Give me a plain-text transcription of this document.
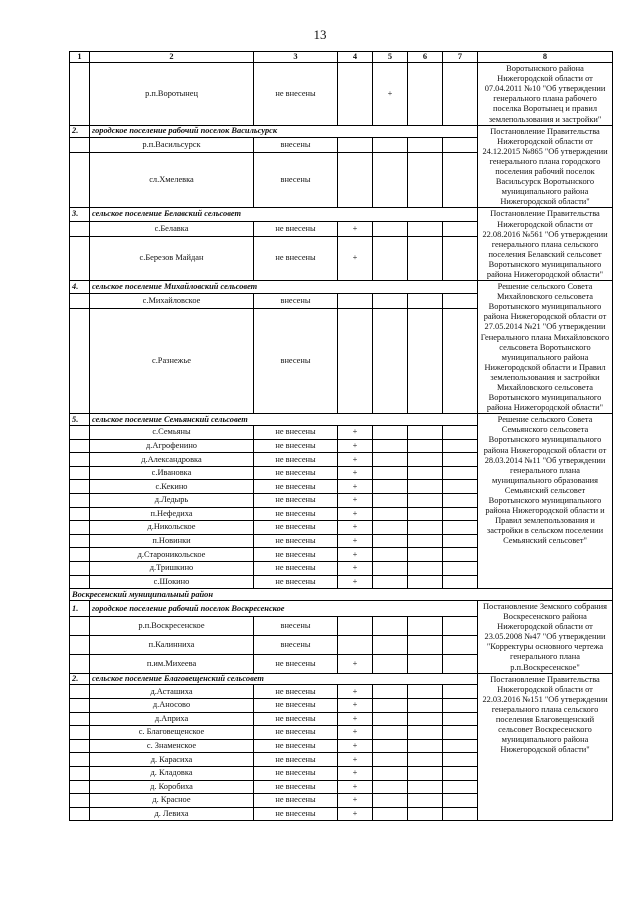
13
1	2	3	4	5	6	7	8
	р.п.Воротынец	не внесены		+			Воротынского района Нижегородской области от 07.04.2011 №10 "Об утверждении генерального плана рабочего поселка Воротынец и правил землепользования и застройки"
2.	городское поселение рабочий поселок Васильсурск						Постановление Правительства Нижегородской области от 24.12.2015 №865 "Об утверждении генерального плана городского поселения рабочий поселок Васильсурск Воротынского муниципального района Нижегородской области"
	р.п.Васильсурск	внесены					
	сл.Хмелевка	внесены					
3.	сельское поселение Белавский сельсовет						Постановление Правительства Нижегородской области от 22.08.2016 №561 "Об утверждении генерального плана сельского поселения Белавский сельсовет Воротынского муниципального района Нижегородской области"
	с.Белавка	не внесены	+				
	с.Березов Майдан	не внесены	+				
4.	сельское поселение Михайловский сельсовет						Решение сельского Совета Михайловского сельсовета Воротынского муниципального района Нижегородской области от 27.05.2014 №21 "Об утверждении Генерального плана Михайловского сельсовета Воротынского муниципального района Нижегородской области и Правил землепользования и застройки Михайловского сельсовета Воротынского муниципального района Нижегородской области"
	с.Михайловское	внесены					
	с.Разнежье	внесены					
5.	сельское поселение Семьянский сельсовет						Решение сельского Совета Семьянского сельсовета Воротынского муниципального района Нижегородской области от 28.03.2014 №11 "Об утверждении генерального плана муниципального образования Семьянский сельсовет Воротынского муниципального района Нижегородской области и Правил землепользования и застройки в сельском поселении Семьянский сельсовет"
	с.Семьяны	не внесены	+				
	д.Агрофенино	не внесены	+				
	д.Александровка	не внесены	+				
	с.Ивановка	не внесены	+				
	с.Кекино	не внесены	+				
	д.Ледырь	не внесены	+				
	п.Нефедиха	не внесены	+				
	д.Никольское	не внесены	+				
	п.Новинки	не внесены	+				
	д.Староникольское	не внесены	+				
	д.Тришкино	не внесены	+				
	с.Шокино	не внесены	+				
Воскресенский муниципальный район							
1.	городское поселение рабочий поселок Воскресенское						Постановление Земского собрания Воскресенского района Нижегородской области от 23.05.2008 №47 "Об утверждении "Корректуры основного чертежа генерального плана р.п.Воскресенское"
	р.п.Воскресенское	внесены					
	п.Калинниха	внесены					
	п.им.Михеева	не внесены	+				
2.	сельское поселение Благовещенский сельсовет						Постановление Правительства Нижегородской области от 22.03.2016 №151 "Об утверждении генерального плана сельского поселения Благовещенский сельсовет Воскресенского муниципального района Нижегородской области"
	д.Асташиха	не внесены	+				
	д.Аносово	не внесены	+				
	д.Априха	не внесены	+				
	с. Благовещенское	не внесены	+				
	с. Знаменское	не внесены	+				
	д. Карасиха	не внесены	+				
	д. Кладовка	не внесены	+				
	д. Коробиха	не внесены	+				
	д. Красное	не внесены	+				
	д. Левиха	не внесены	+				
